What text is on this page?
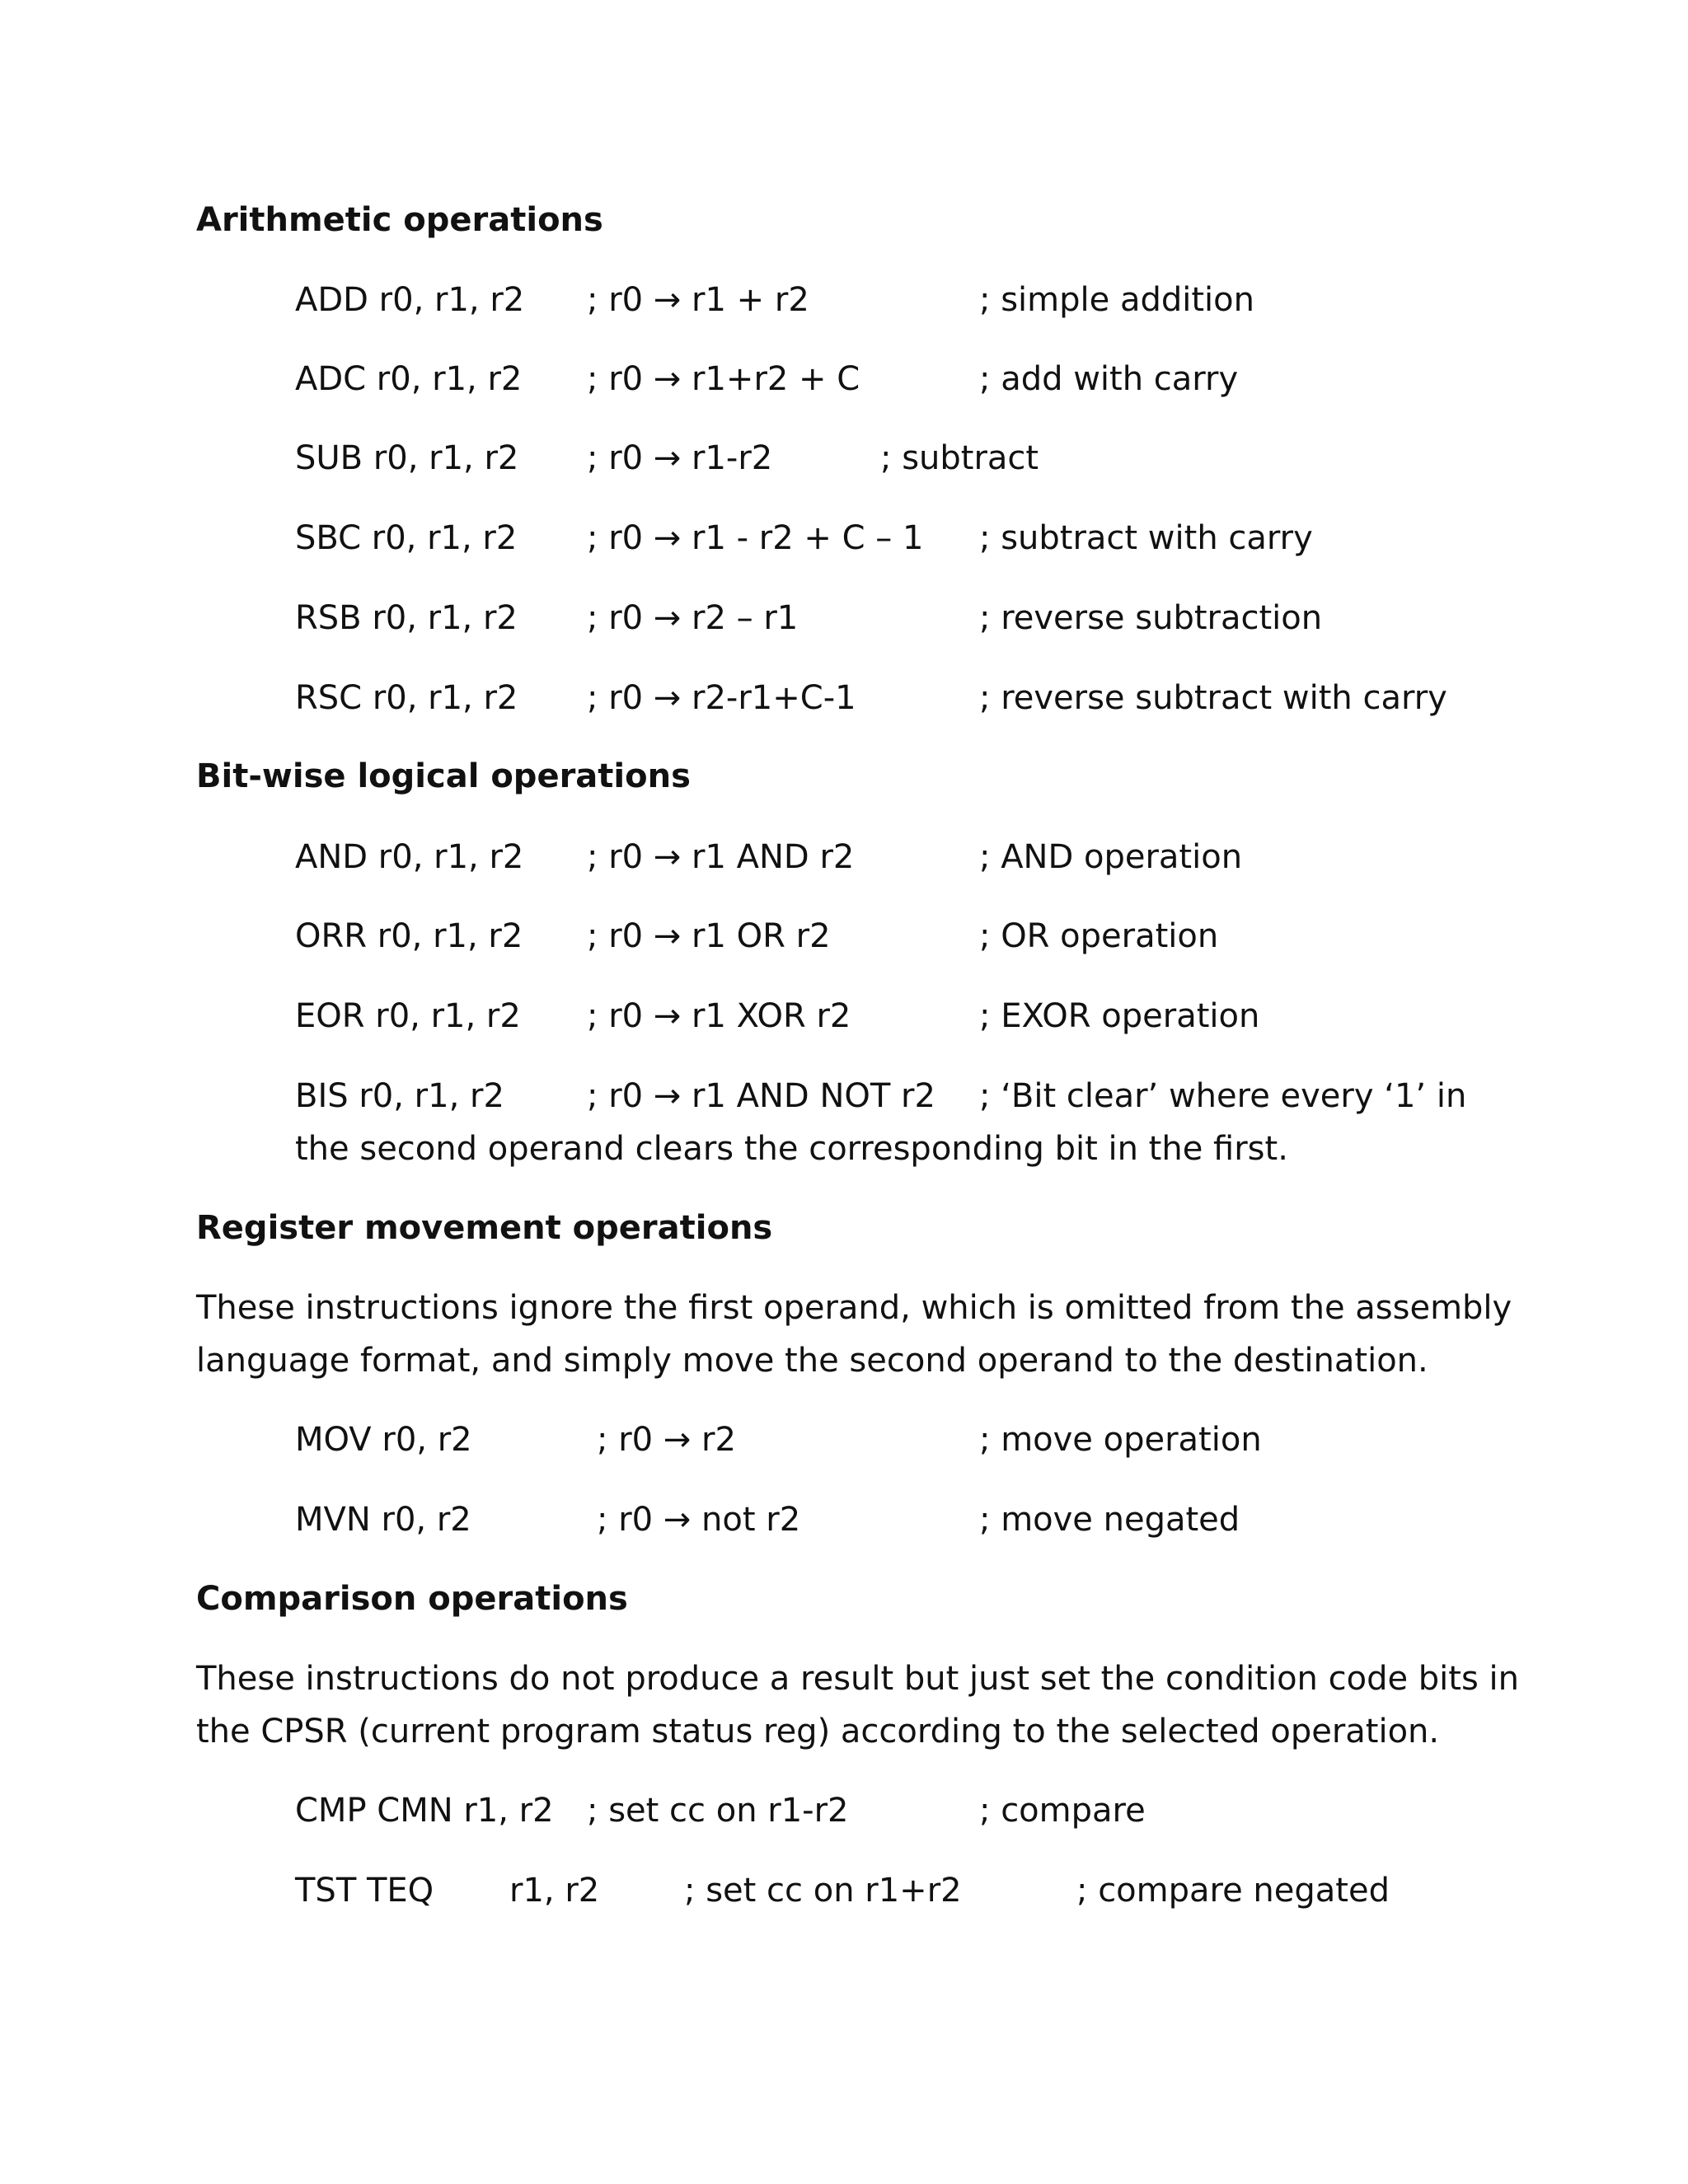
Arithmetic operations
ADD r0, r1, r2 ; r0 → r1 + r2	; simple addition
ADC r0, r1, r2 ; r0 → r1+r2 + C	; add with carry
SUB r0, r1, r2 ; r0 → r1-r2	; subtract
SBC r0, r1, r2 ; r0 → r1 - r2 + C – 1 ; subtract with carry
RSB r0, r1, r2 ; r0 → r2 – r1	; reverse subtraction
RSC r0, r1, r2 ; r0 → r2-r1+C-1	; reverse subtract with carry
Bit-wise logical operations
AND r0, r1, r2 ; r0 → r1 AND r2	; AND operation
ORR r0, r1, r2 ; r0 → r1 OR r2	; OR operation
EOR r0, r1, r2 ; r0 → r1 XOR r2	; EXOR operation
BIS r0, r1, r2	; r0 → r1 AND NOT r2 ; ‘Bit clear’ where every ‘1’ in
the second operand clears the corresponding bit in the first.
Register movement operations
These instructions ignore the first operand, which is omitted from the assembly
language format, and simply move the second operand to the destination.
MOV r0, r2	; r0 → r2	; move operation
MVN r0, r2	; r0 → not r2	; move negated
Comparison operations
These instructions do not produce a result but just set the condition code bits in
the CPSR (current program status reg) according to the selected operation.
CMP CMN r1, r2 ; set cc on r1-r2	; compare
TST TEQ r1, r2	; set cc on r1+r2	; compare negated
